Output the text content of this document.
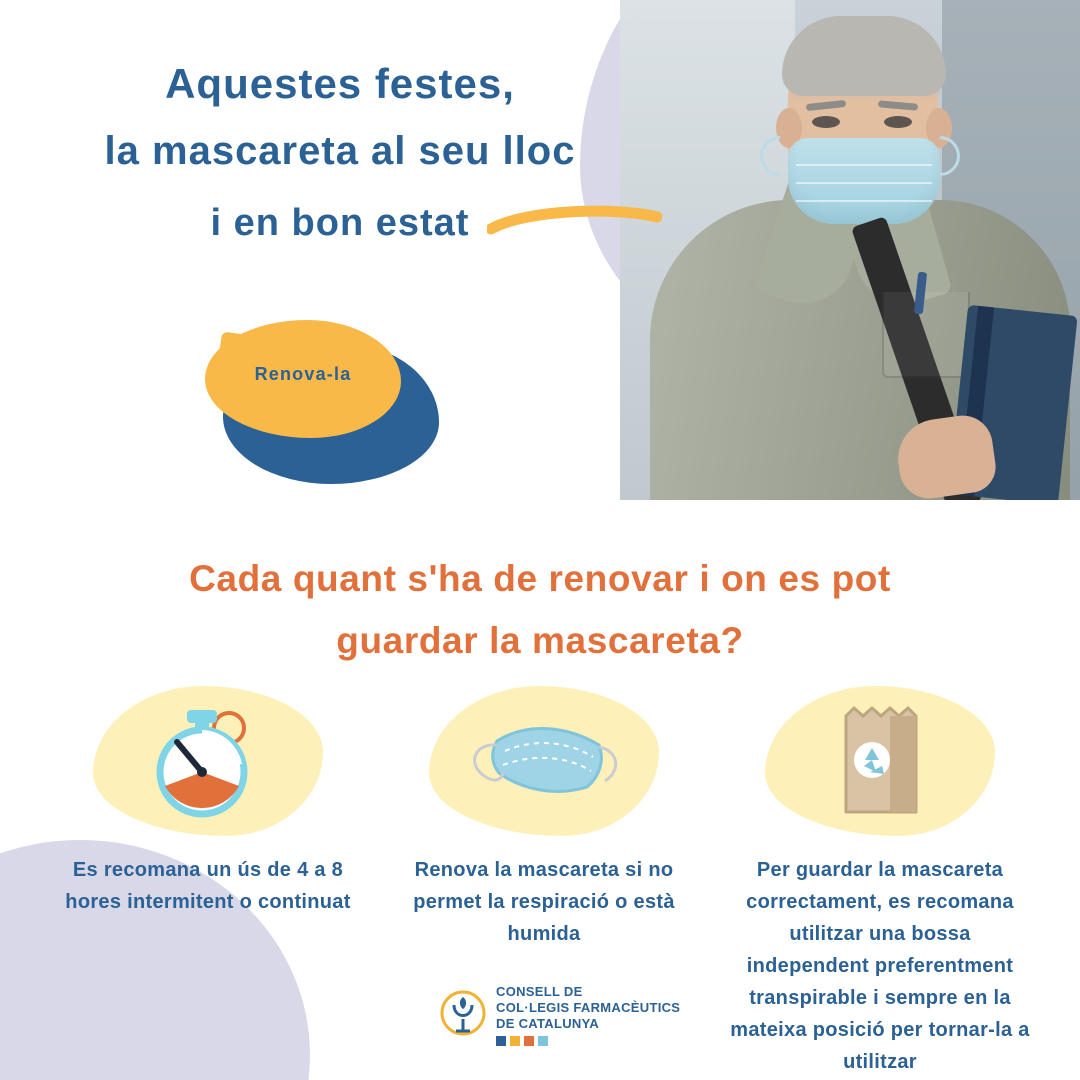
Aquestes festes,
la mascareta al seu lloc
i en bon estat
Renova-la
Cada quant s'ha de renovar i on es pot
guardar la mascareta?
Es recomana un ús de 4 a 8 hores intermitent o continuat
Renova la mascareta si no permet la respiració o està humida
Per guardar la mascareta correctament, es recomana utilitzar una bossa independent preferentment transpirable i sempre en la mateixa posició per tornar-la a utilitzar
CONSELL DE
COL·LEGIS FARMACÈUTICS
DE CATALUNYA
